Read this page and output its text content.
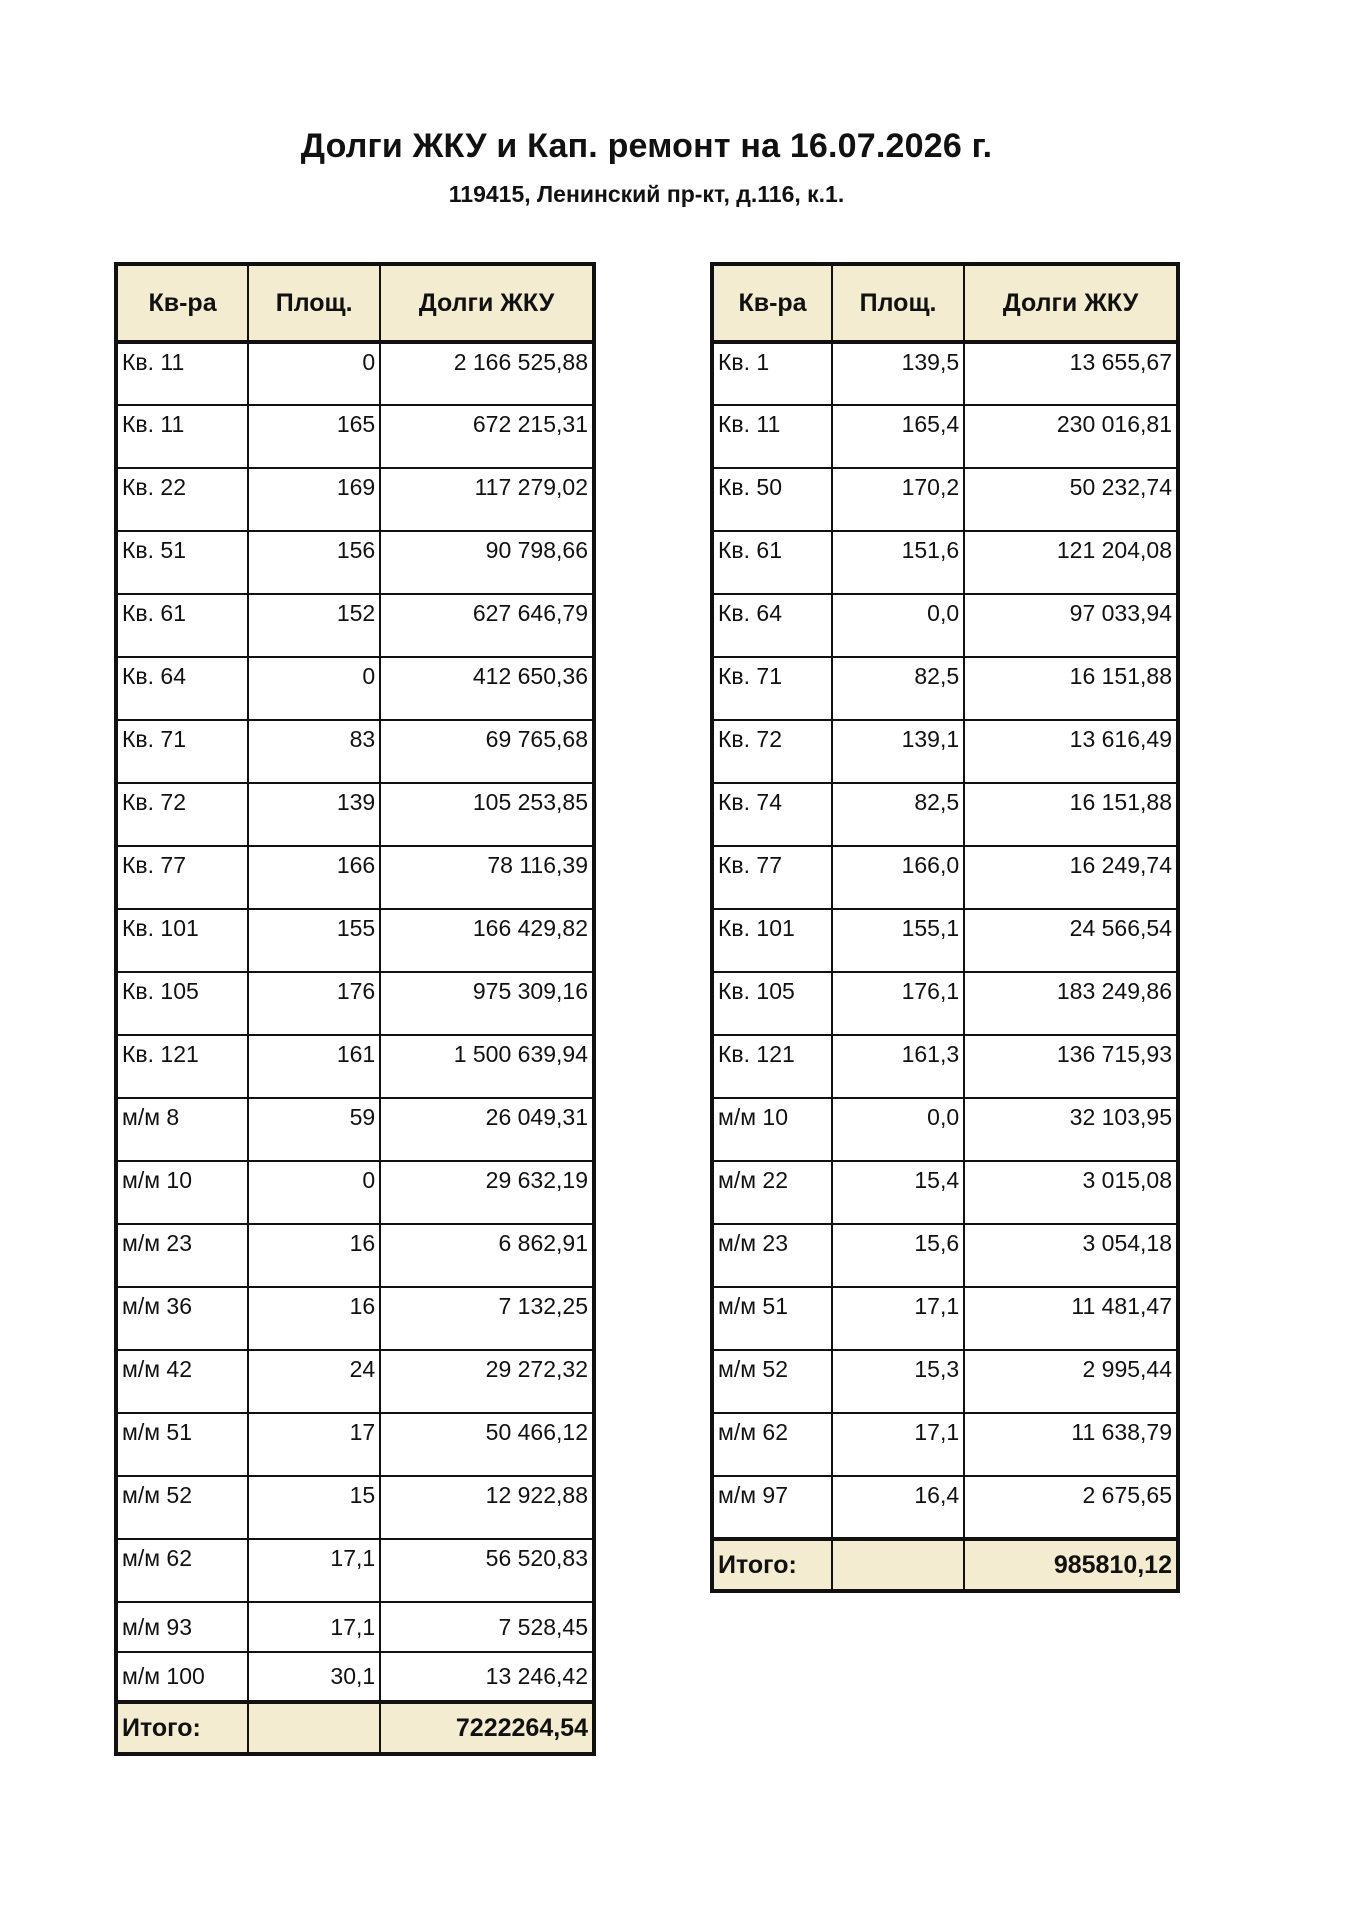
Долги ЖКУ и Кап. ремонт на 16.07.2026 г.
119415, Ленинский пр-кт, д.116, к.1.
Кв-ра	Площ.	Долги ЖКУ
Кв. 11	0	2 166 525,88
Кв. 11	165	672 215,31
Кв. 22	169	117 279,02
Кв. 51	156	90 798,66
Кв. 61	152	627 646,79
Кв. 64	0	412 650,36
Кв. 71	83	69 765,68
Кв. 72	139	105 253,85
Кв. 77	166	78 116,39
Кв. 101	155	166 429,82
Кв. 105	176	975 309,16
Кв. 121	161	1 500 639,94
м/м 8	59	26 049,31
м/м 10	0	29 632,19
м/м 23	16	6 862,91
м/м 36	16	7 132,25
м/м 42	24	29 272,32
м/м 51	17	50 466,12
м/м 52	15	12 922,88
м/м 62	17,1	56 520,83
м/м 93	17,1	7 528,45
м/м 100	30,1	13 246,42
Итого:		7222264,54
Кв-ра	Площ.	Долги ЖКУ
Кв. 1	139,5	13 655,67
Кв. 11	165,4	230 016,81
Кв. 50	170,2	50 232,74
Кв. 61	151,6	121 204,08
Кв. 64	0,0	97 033,94
Кв. 71	82,5	16 151,88
Кв. 72	139,1	13 616,49
Кв. 74	82,5	16 151,88
Кв. 77	166,0	16 249,74
Кв. 101	155,1	24 566,54
Кв. 105	176,1	183 249,86
Кв. 121	161,3	136 715,93
м/м 10	0,0	32 103,95
м/м 22	15,4	3 015,08
м/м 23	15,6	3 054,18
м/м 51	17,1	11 481,47
м/м 52	15,3	2 995,44
м/м 62	17,1	11 638,79
м/м 97	16,4	2 675,65
Итого:		985810,12
